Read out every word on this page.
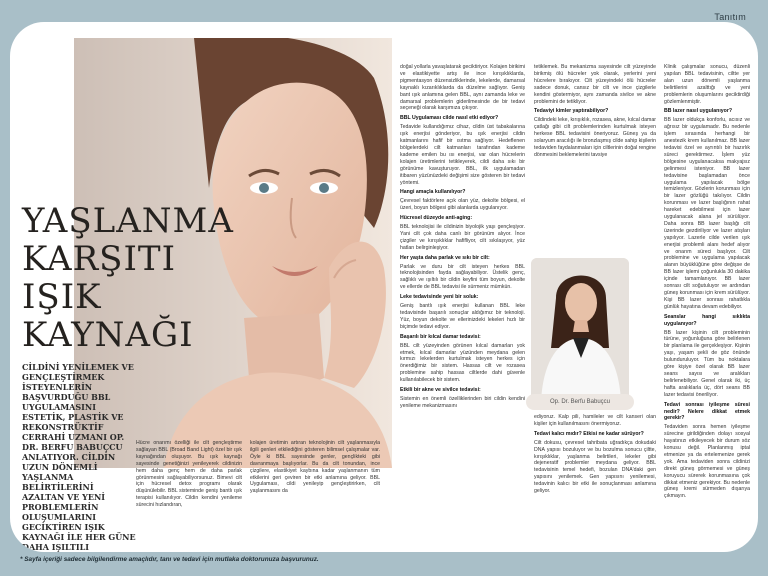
Tanıtım
YAŞLANMA
KARŞITI
IŞIK
KAYNAĞI
CİLDİNİ YENİLEMEK VE GENÇLEŞTİRMEK İSTEYENLERİN BAŞVURDUĞU BBL UYGULAMASINI ESTETİK, PLASTİK VE REKONSTRÜKTİF CERRAHİ UZMANI OP. DR. BERFU BABUÇCU ANLATIYOR. CİLDİN UZUN DÖNEMLİ YAŞLANMA BELİRTİLERİNİ AZALTAN VE YENİ PROBLEMLERİN OLUŞUMLARINI GECİKTİREN IŞIK KAYNAĞI İLE HER GÜNE DAHA IŞILTILI

Hücre onarımı özelliği ile cilt gençleştirme sağlayan BBL (Broad Band Light) özel bir ışık kaynağından oluşuyor. Bu ışık kaynağı sayesinde genetiğinizi yenileyerek cildinizin hem daha genç hem de daha parlak görünmesini sağlayabiliyorsunuz. Bimevi cilt için hücresel detox programı olarak düşünülebilir. BBL sisteminde geniş bantlı ışık terapisi kullanılıyor. Cildin kendini yenileme sürecini hızlandıran,

kolajen üretimin artıran teknolojinin cilt yaşlanmasıyla ilgili genleri etkilediğini gösteren bilimsel çalışmalar var. Öyle ki BBL sayesinde genler, gençlikteki gibi davranmaya başlıyorlar. Bu da cilt tonundan, ince çizgilere, elastikiyet kaybına kadar yaşlanmanın tüm etkilerini geri çeviren bir etki anlamına geliyor. BBL Uygulaması, cildi yenileyip gençleştirirken, cilt yaşlanmasını da

doğal yollarla yavaşlatarak geciktiriyor. Kolajen birikimi ve elastikiyette artış ile ince kırışıklıklarda, pigmentasyon düzensizliklerinde, lekelerde, damarsal kaynaklı kızarıklıklarda da düzelme sağlıyor. Geniş bant ışık anlamına gelen BBL, aynı zamanda leke ve damarsal problemlerin giderilmesinde de bir tedavi seçeneği olarak karşımıza çıkıyor.

BBL Uygulaması cilde nasıl etki ediyor?

Tedavide kullandığımız cihaz, cildin üst tabakalarına ışık enerjisi gönderiyor, bu ışık enerjisi cildin katmanlarını hafif bir ısıtma sağlıyor. Hedeflenen bölgelerdeki cilt katmanları tarafından kademe kademe emilen bu ısı enerjisi, var olan hücrelerin kolajen üretimlerini tetikleyerek, cildi daha sıkı bir görünüme kavuşturuyor. BBL, ilk uygulamadan itibaren yüzünüzdeki değişimi size gösteren bir tedavi yöntemi.

Hangi amaçla kullanılıyor?

Çevresel faktörlere açık olan yüz, dekolte bölgesi, el üzeri, boyun bölgesi gibi alanlarda uygulanıyor.

Hücresel düzeyde anti-aging:

BBL teknolojisi ile cildinizin biyolojik yaşı gençleşiyor. Yani cilt çok daha canlı bir görünüm alıyor. İnce çizgiler ve kırışıklıklar hafifliyor, cilt sıkılaşıyor, yüz hatları belirginleşiyor.

Her yaşta daha parlak ve sıkı bir cilt:

Parlak ve duru bir cilt isteyen herkes BBL teknolojisinden fayda sağlayabiliyor. Üstelik genç, sağlıklı ve ışıltılı bir cildin keyfini tüm boyun, dekolte ve ellerde de BBL tedavisi ile sürmeniz mümkün.

Leke tedavisinde yeni bir soluk:

Geniş bantlı ışık enerjisi kullanan BBL leke tedavisinde başarılı sonuçlar aldığımız bir teknoloji. Yüz, boyun dekolte ve ellerinizdeki lekeleri hızlı bir biçimde tedavi ediyor.

Başarılı bir kılcal damar tedavisi:

BBL cilt yüzeyinden görünen kılcal damarları yok etmek, kılcal damarlar yüzünden meydana gelen kırmızı lekelerden kurtulmak isteyen herkes için önerdiğimiz bir sistem. Hassas cilt ve rozasea problemine sahip hassas ciltlerde dahi güvenle kullanılabilecek bir sistem.

Etkili bir akne ve sivilce tedavisi:

Sistemin en önemli özelliklerinden biri cildin kendini yenileme mekanizmasını

tetiklemek. Bu mekanizma sayesinde cilt yüzeyinde birikmiş ölü hücreler yok olarak, yerlerini yeni hücrelere bırakıyor. Cilt yüzeyindeki ölü hücreler sadece donuk, cansız bir cilt ve ince çizgilerle kendini göstermiyor, aynı zamanda sivilce ve akne problemini de tetikliyor.

Tedaviyi kimler yaptırabiliyor?

Cildindeki leke, kırışıklık, rozasea, akne, kılcal damar çatlağı gibi cilt problemlerinden kurtulmak isteyen herkese BBL tedavisini öneriyoruz. Güneş ya da solaryum aracılığı ile bronzlaşmış cilde sahip kişilerin tedaviden faydalanmaları için ciltlerinin doğal rengine dönmesini beklemelerini tavsiye

Op. Dr. Berfu Babuçcu

ediyoruz. Kalp pili, hamileler ve cilt kanseri olan kişiler için kullanılmasını önermiyoruz.

Tedavi kalıcı mıdır? Etkisi ne kadar sürüyor?

Cilt dokusu, çevresel tahribata uğradıkça dokudaki DNA yapısı bozuluyor ve bu bozulma sonucu çiltte, kırışıklıklar, yaşlanma belirtileri, lekeler gibi dejeneratif problemler meydana geliyor. BBL tedavisinin temel hedefi, bozulan DNA'daki gen yapısını yenilemek. Gen yapısını yenilemesi, tedavinin kalıcı bir etki ile sonuçlanması anlamına geliyor.

Klinik çalışmalar sonucu, düzenli yapılan BBL tedavisinin, ciltte yer alan uzun dönemli yaşlanma belirtilerini azalttığı ve yeni problemlerin oluşumlarını geciktirdiği gözlemlenmiştir.

BB lazer nasıl uygulanıyor?

BB lazer oldukça konforlu, acısız ve ağrısız bir uygulamadır. Bu nedenle işlem sırasında herhangi bir anestezik krem kullanılmaz. BB lazer tedavisi özel ve ayrıntılı bir hazırlık süreci gerektirmez. İşlem yüz bölgesine uygulanacaksa makyajsız gelinmesi isteniyor. BB lazer tedavisine başlamadan önce uygulama yapılacak bölge temizleniyor. Gözlerin korunması için bir lazer gözlüğü takılıyor. Cildin korunması ve lazer başlığının rahat hareket edebilmesi için lazer uygulanacak alana jel sürülüyor. Daha sonra BB lazer başlığı cilt üzerinde gezdiriliyor ve lazer atışları yapılıyor. Lazerle cilde verilen ışık enerjisi problemli alanı hedef alıyor ve onarım süreci başlıyor. Cilt problemine ve uygulama yapılacak alanın büyüklüğüne göre değişse de BB lazer işlemi çoğunlukla 30 dakika içinde tamamlanıyor. BB lazer sonrası cilt soğutuluyor ve ardından güneş korunması için krem sürülüyor. Kişi BB lazer sonrası rahatlıkla günlük hayatına devam edebiliyor.

Seanslar hangi sıklıkta uygulanıyor?

BB lazer kişinin cilt probleminin türüne, yoğunluğuna göre belirlenen bir planlama ile gerçekleşiyor. Kişinin yaşı, yaşam şekli de göz önünde bulunduruluyor. Tüm bu noktalara göre kişiye özel olarak BB lazer seans sayısı ve aralıkları belirlenebiliyor. Genel olarak iki, üç hafta aralıklarla üç, dört seans BB lazer tedavisi öneriliyor.

Tedavi sonrası iyileşme süresi nedir? Nelere dikkat etmek gerekir?

Tedaviden sonra hemen iyileşme sürecine girildiğinden dolayı sosyal hayatınızı etkileyecek bir durum söz konusu değil. Planlanmış iptal etmenize ya da ertelemenize gerek yok. Ama tedaviden sonra cildinizi direkt güneş görmemesi ve güneş koruyucu sürerek korunmasına çok dikkat etmeniz gerekiyor. Bu nedenle güneş kremi sürmeden dışarıya çıkmayın.

* Sayfa içeriği sadece bilgilendirme amaçlıdır, tanı ve tedavi için mutlaka doktorunuza başvurunuz.
